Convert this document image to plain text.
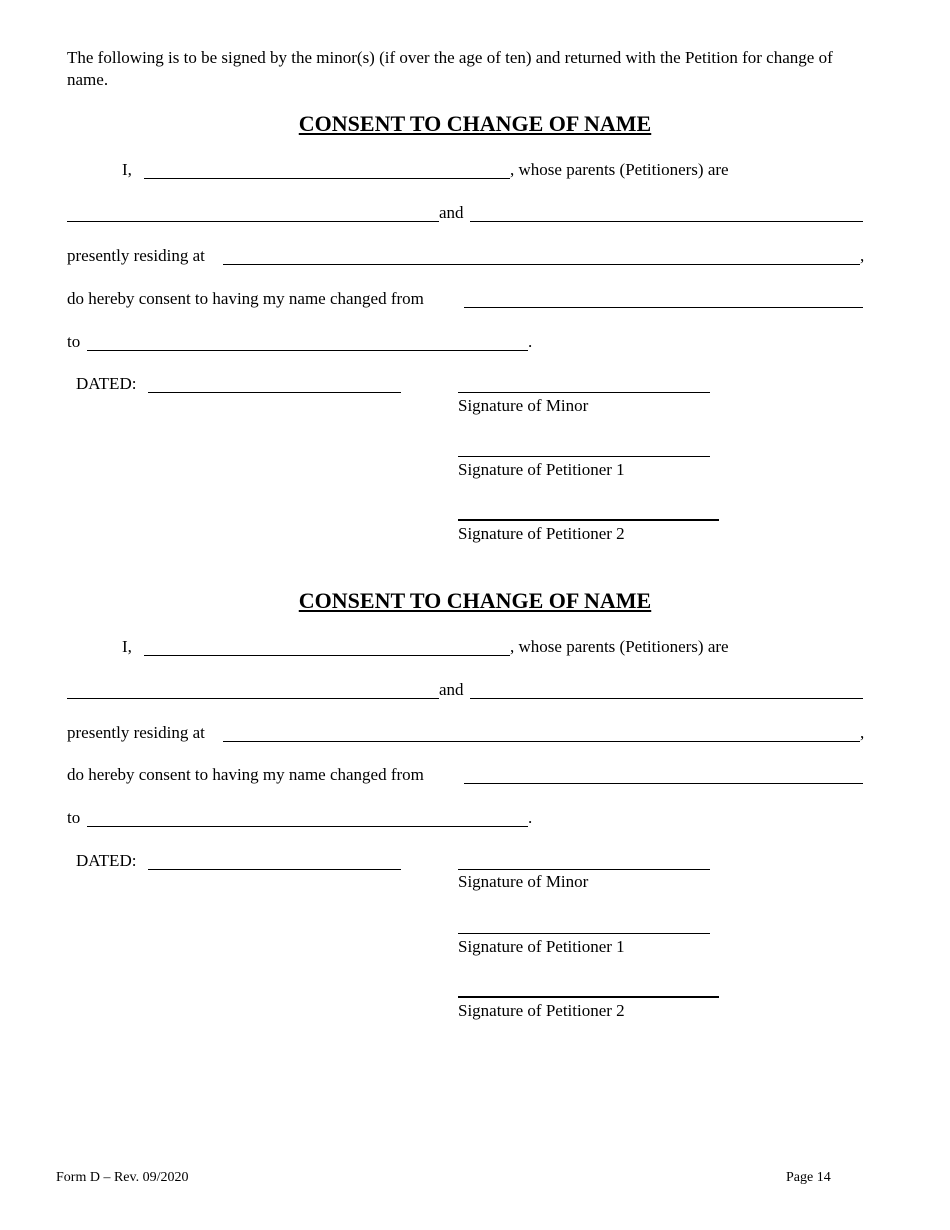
The following is to be signed by the minor(s) (if over the age of ten) and returned with the Petition for change of name.
CONSENT TO CHANGE OF NAME
I,	, whose parents (Petitioners) are
and
presently residing at	,
do hereby consent to having my name changed from
to	.
DATED:
Signature of Minor
Signature of Petitioner 1
Signature of Petitioner 2
CONSENT TO CHANGE OF NAME
I,	, whose parents (Petitioners) are
and
presently residing at	,
do hereby consent to having my name changed from
to	.
DATED:
Signature of Minor
Signature of Petitioner 1
Signature of Petitioner 2
Form D – Rev. 09/2020	Page 14
